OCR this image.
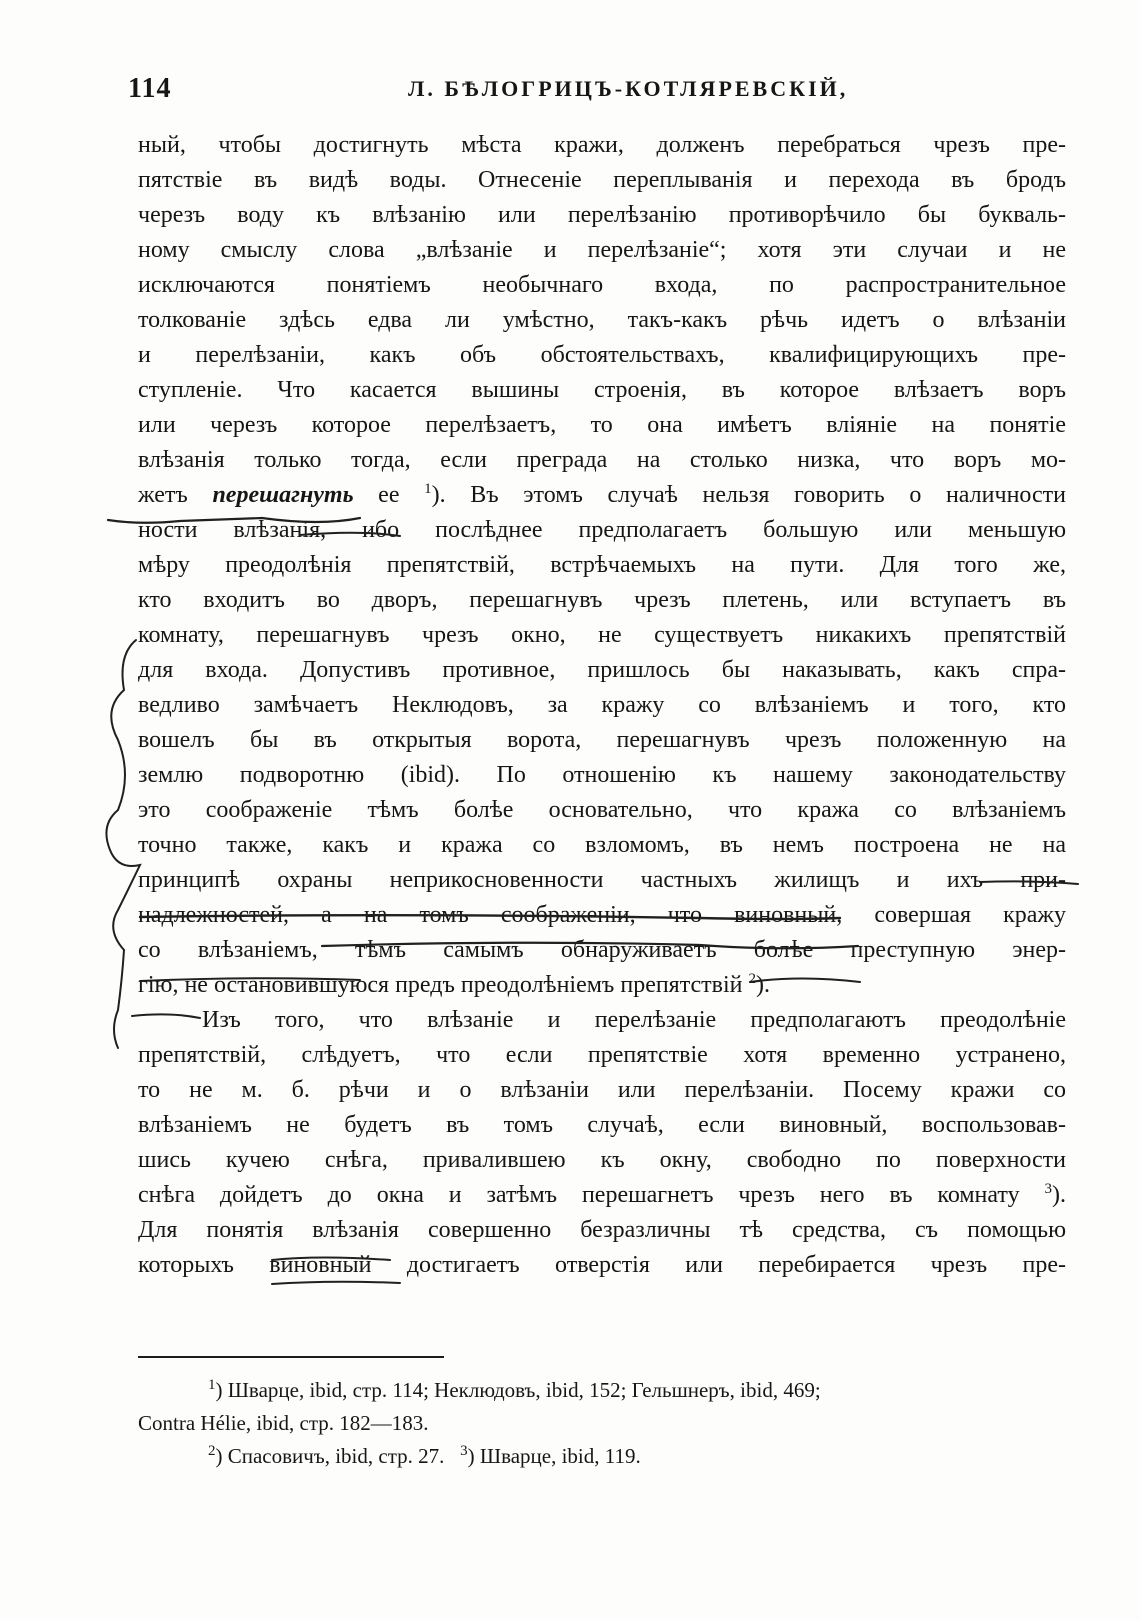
114	Л. БѢЛОГРИЦЪ-КОТЛЯРЕВСКІЙ,
ный, чтобы достигнуть мѣста кражи, долженъ перебраться чрезъ пре-
пятствіе въ видѣ воды. Отнесеніе переплыванія и перехода въ бродъ
черезъ воду къ влѣзанію или перелѣзанію противорѣчило бы букваль-
ному смыслу слова „влѣзаніе и перелѣзаніе“; хотя эти случаи и не
исключаются понятіемъ необычнаго входа, по распространительное
толкованіе здѣсь едва ли умѣстно, такъ-какъ рѣчь идетъ о влѣзаніи
и перелѣзаніи, какъ объ обстоятельствахъ, квалифицирующихъ пре-
ступленіе. Что касается вышины строенія, въ которое влѣзаетъ воръ
или черезъ которое перелѣзаетъ, то она имѣетъ вліяніе на понятіе
влѣзанія только тогда, если преграда на столько низка, что воръ мо-
жетъ перешагнуть ее $^1$). Въ этомъ случаѣ нельзя говорить о наличности
ности влѣзанія, ибо послѣднее предполагаетъ большую или меньшую
мѣру преодолѣнія препятствій, встрѣчаемыхъ на пути. Для того же,
кто входитъ во дворъ, перешагнувъ чрезъ плетень, или вступаетъ въ
комнату, перешагнувъ чрезъ окно, не существуетъ никакихъ препятствій
для входа. Допустивъ противное, пришлось бы наказывать, какъ спра-
ведливо замѣчаетъ Неклюдовъ, за кражу со влѣзаніемъ и того, кто
вошелъ бы въ открытыя ворота, перешагнувъ чрезъ положенную на
землю подворотню (ibid). По отношенію къ нашему законодательству
это соображеніе тѣмъ болѣе основательно, что кража со влѣзаніемъ
точно также, какъ и кража со взломомъ, въ немъ построена не на
принципѣ охраны неприкосновенности частныхъ жилищъ и ихъ при-
надлежностей, а на томъ соображеніи, что виновный, совершая кражу
со влѣзаніемъ, тѣмъ самымъ обнаруживаетъ болѣе преступную энер-
гію, не остановившуюся предъ преодолѣніемъ препятствій $^2$).
Изъ того, что влѣзаніе и перелѣзаніе предполагаютъ преодолѣніе
препятствій, слѣдуетъ, что если препятствіе хотя временно устранено,
то не м. б. рѣчи и о влѣзаніи или перелѣзаніи. Посему кражи со
влѣзаніемъ не будетъ въ томъ случаѣ, если виновный, воспользовав-
шись кучею снѣга, привалившею къ окну, свободно по поверхности
снѣга дойдетъ до окна и затѣмъ перешагнетъ чрезъ него въ комнату $^3$).
Для понятія влѣзанія совершенно безразличны тѣ средства, съ помощью
которыхъ виновный достигаетъ отверстія или перебирается чрезъ пре-
$^1$) Шварце, ibid, стр. 114; Неклюдовъ, ibid, 152; Гельшнеръ, ibid, 469;
Contra Hélie, ibid, стр. 182—183.
$^2$) Спасовичъ, ibid, стр. 27.   $^3$) Шварце, ibid, 119.
